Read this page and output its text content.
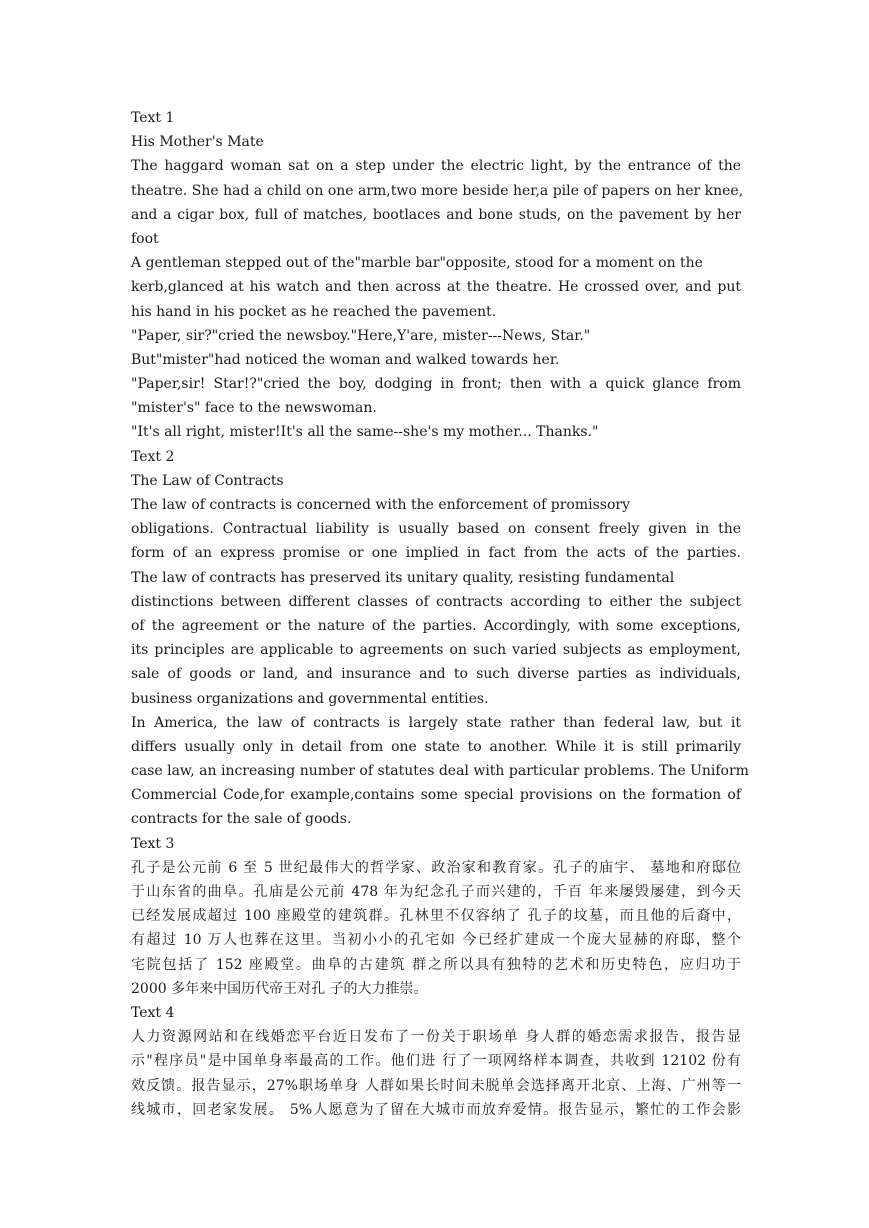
Text 1
His Mother's Mate
The haggard woman sat on a step under the electric light, by the entrance of the
theatre. She had a child on one arm,two more beside her,a pile of papers on her knee,
and a cigar box, full of matches, bootlaces and bone studs, on the pavement by her
foot
A gentleman stepped out of the"marble bar"opposite, stood for a moment on the
kerb,glanced at his watch and then across at the theatre. He crossed over, and put
his hand in his pocket as he reached the pavement.
"Paper, sir?"cried the newsboy."Here,Y'are, mister---News, Star."
But"mister"had noticed the woman and walked towards her.
"Paper,sir! Star!?"cried the boy, dodging in front; then with a quick glance from
"mister's" face to the newswoman.
"It's all right, mister!It's all the same--she's my mother... Thanks."
Text 2
The Law of Contracts
The law of contracts is concerned with the enforcement of promissory
obligations. Contractual liability is usually based on consent freely given in the
form of an express promise or one implied in fact from the acts of the parties.
The law of contracts has preserved its unitary quality, resisting fundamental
distinctions between different classes of contracts according to either the subject
of the agreement or the nature of the parties. Accordingly, with some exceptions,
its principles are applicable to agreements on such varied subjects as employment,
sale of goods or land, and insurance and to such diverse parties as individuals,
business organizations and governmental entities.
In America, the law of contracts is largely state rather than federal law, but it
differs usually only in detail from one state to another. While it is still primarily
case law, an increasing number of statutes deal with particular problems. The Uniform
Commercial Code,for example,contains some special provisions on the formation of
contracts for the sale of goods.
Text 3
孔子是公元前 6 至 5 世纪最伟大的哲学家、政治家和教育家。孔子的庙宇、 墓地和府邸位
于山东省的曲阜。孔庙是公元前 478 年为纪念孔子而兴建的，千百 年来屡毁屡建，到今天
已经发展成超过 100 座殿堂的建筑群。孔林里不仅容纳了 孔子的坟墓，而且他的后裔中，
有超过 10 万人也葬在这里。当初小小的孔宅如 今已经扩建成一个庞大显赫的府邸，整个
宅院包括了 152 座殿堂。曲阜的古建筑 群之所以具有独特的艺术和历史特色，应归功于
2000 多年来中国历代帝王对孔 子的大力推崇。
Text 4
人力资源网站和在线婚恋平台近日发布了一份关于职场单 身人群的婚恋需求报告，报告显
示"程序员"是中国单身率最高的工作。他们进 行了一项网络样本调查，共收到 12102 份有
效反馈。报告显示，27%职场单身 人群如果长时间未脱单会选择离开北京、上海、广州等一
线城市，回老家发展。 5%人愿意为了留在大城市而放弃爱情。报告显示，繁忙的工作会影
